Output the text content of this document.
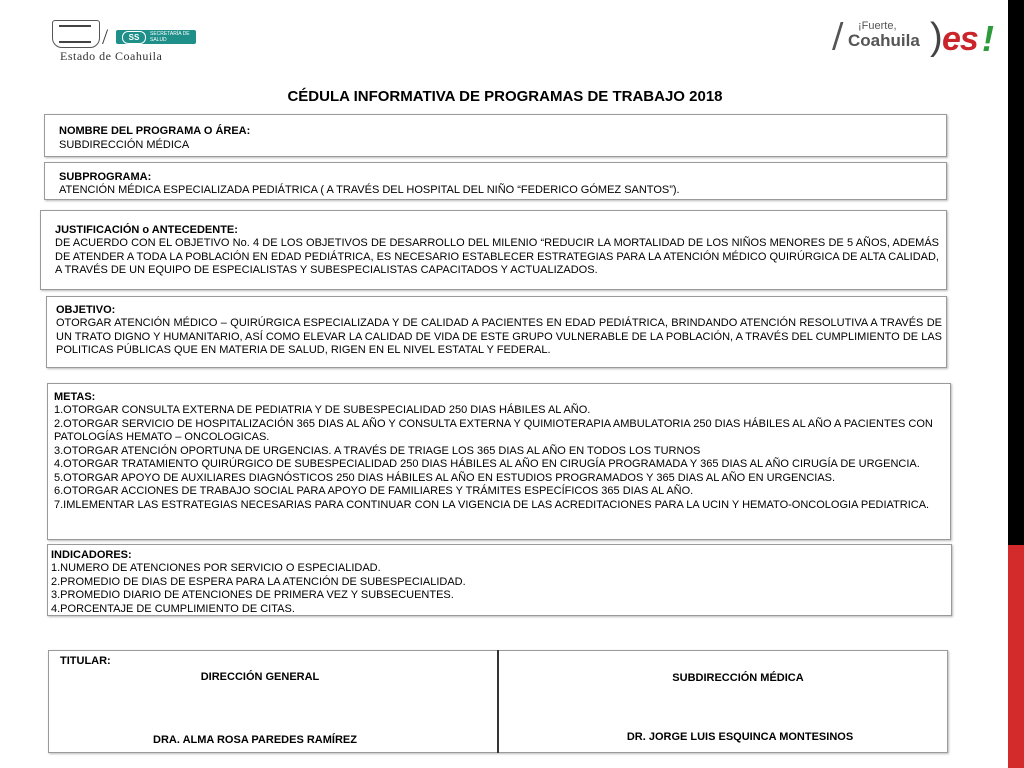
/	SS	SECRETARÍA DE SALUD
Estado de Coahuila	/ ¡Fuerte,
Coahuila ) es !
CÉDULA INFORMATIVA DE PROGRAMAS DE TRABAJO 2018
NOMBRE DEL PROGRAMA O ÁREA:
SUBDIRECCIÓN MÉDICA
SUBPROGRAMA:
ATENCIÓN MÉDICA ESPECIALIZADA PEDIÁTRICA ( A TRAVÉS DEL HOSPITAL DEL NIÑO “FEDERICO GÓMEZ SANTOS”).
JUSTIFICACIÓN o ANTECEDENTE:
DE ACUERDO CON EL OBJETIVO No. 4 DE LOS OBJETIVOS DE DESARROLLO DEL MILENIO “REDUCIR LA MORTALIDAD DE LOS NIÑOS MENORES DE 5 AÑOS, ADEMÁS DE ATENDER A TODA LA POBLACIÓN EN EDAD PEDIÁTRICA, ES NECESARIO ESTABLECER ESTRATEGIAS PARA LA ATENCIÓN MÉDICO QUIRÚRGICA DE ALTA CALIDAD, A TRAVÉS DE UN EQUIPO DE ESPECIALISTAS Y SUBESPECIALISTAS CAPACITADOS Y ACTUALIZADOS.
OBJETIVO:
OTORGAR ATENCIÓN MÉDICO – QUIRÚRGICA ESPECIALIZADA Y DE CALIDAD A PACIENTES EN EDAD PEDIÁTRICA, BRINDANDO ATENCIÓN RESOLUTIVA A TRAVÉS DE UN TRATO DIGNO Y HUMANITARIO, ASÍ COMO ELEVAR LA CALIDAD DE VIDA DE ESTE GRUPO VULNERABLE DE LA POBLACIÓN, A TRAVÉS DEL CUMPLIMIENTO DE LAS POLITICAS PÚBLICAS QUE EN MATERIA DE SALUD, RIGEN EN EL NIVEL ESTATAL Y FEDERAL.
METAS:
1.OTORGAR CONSULTA EXTERNA DE PEDIATRIA Y DE SUBESPECIALIDAD 250 DIAS HÁBILES AL AÑO.
2.OTORGAR SERVICIO DE HOSPITALIZACIÓN 365 DIAS AL AÑO Y CONSULTA EXTERNA Y QUIMIOTERAPIA AMBULATORIA 250 DIAS HÁBILES AL AÑO A PACIENTES CON PATOLOGÍAS HEMATO – ONCOLOGICAS.
3.OTORGAR ATENCIÓN OPORTUNA DE URGENCIAS. A TRAVÉS DE TRIAGE LOS 365 DIAS AL AÑO EN TODOS LOS TURNOS
4.OTORGAR TRATAMIENTO QUIRÚRGICO DE SUBESPECIALIDAD 250 DIAS HÁBILES AL AÑO EN CIRUGÍA PROGRAMADA Y 365 DIAS AL AÑO CIRUGÍA DE URGENCIA.
5.OTORGAR APOYO DE AUXILIARES DIAGNÓSTICOS 250 DIAS HÁBILES AL AÑO EN ESTUDIOS PROGRAMADOS Y 365 DIAS AL AÑO EN URGENCIAS.
6.OTORGAR ACCIONES DE TRABAJO SOCIAL PARA APOYO DE FAMILIARES Y TRÁMITES ESPECÍFICOS 365 DIAS AL AÑO.
7.IMLEMENTAR LAS ESTRATEGIAS NECESARIAS PARA CONTINUAR CON LA VIGENCIA DE LAS ACREDITACIONES PARA LA UCIN Y HEMATO-ONCOLOGIA PEDIATRICA.
INDICADORES:
1.NUMERO DE ATENCIONES POR SERVICIO O ESPECIALIDAD.
2.PROMEDIO DE DIAS DE ESPERA PARA LA ATENCIÓN DE SUBESPECIALIDAD.
3.PROMEDIO DIARIO DE ATENCIONES DE PRIMERA VEZ Y SUBSECUENTES.
4.PORCENTAJE DE CUMPLIMIENTO DE CITAS.
TITULAR:
DIRECCIÓN GENERAL
DRA. ALMA ROSA PAREDES RAMÍREZ
SUBDIRECCIÓN MÉDICA
DR. JORGE LUIS ESQUINCA MONTESINOS
